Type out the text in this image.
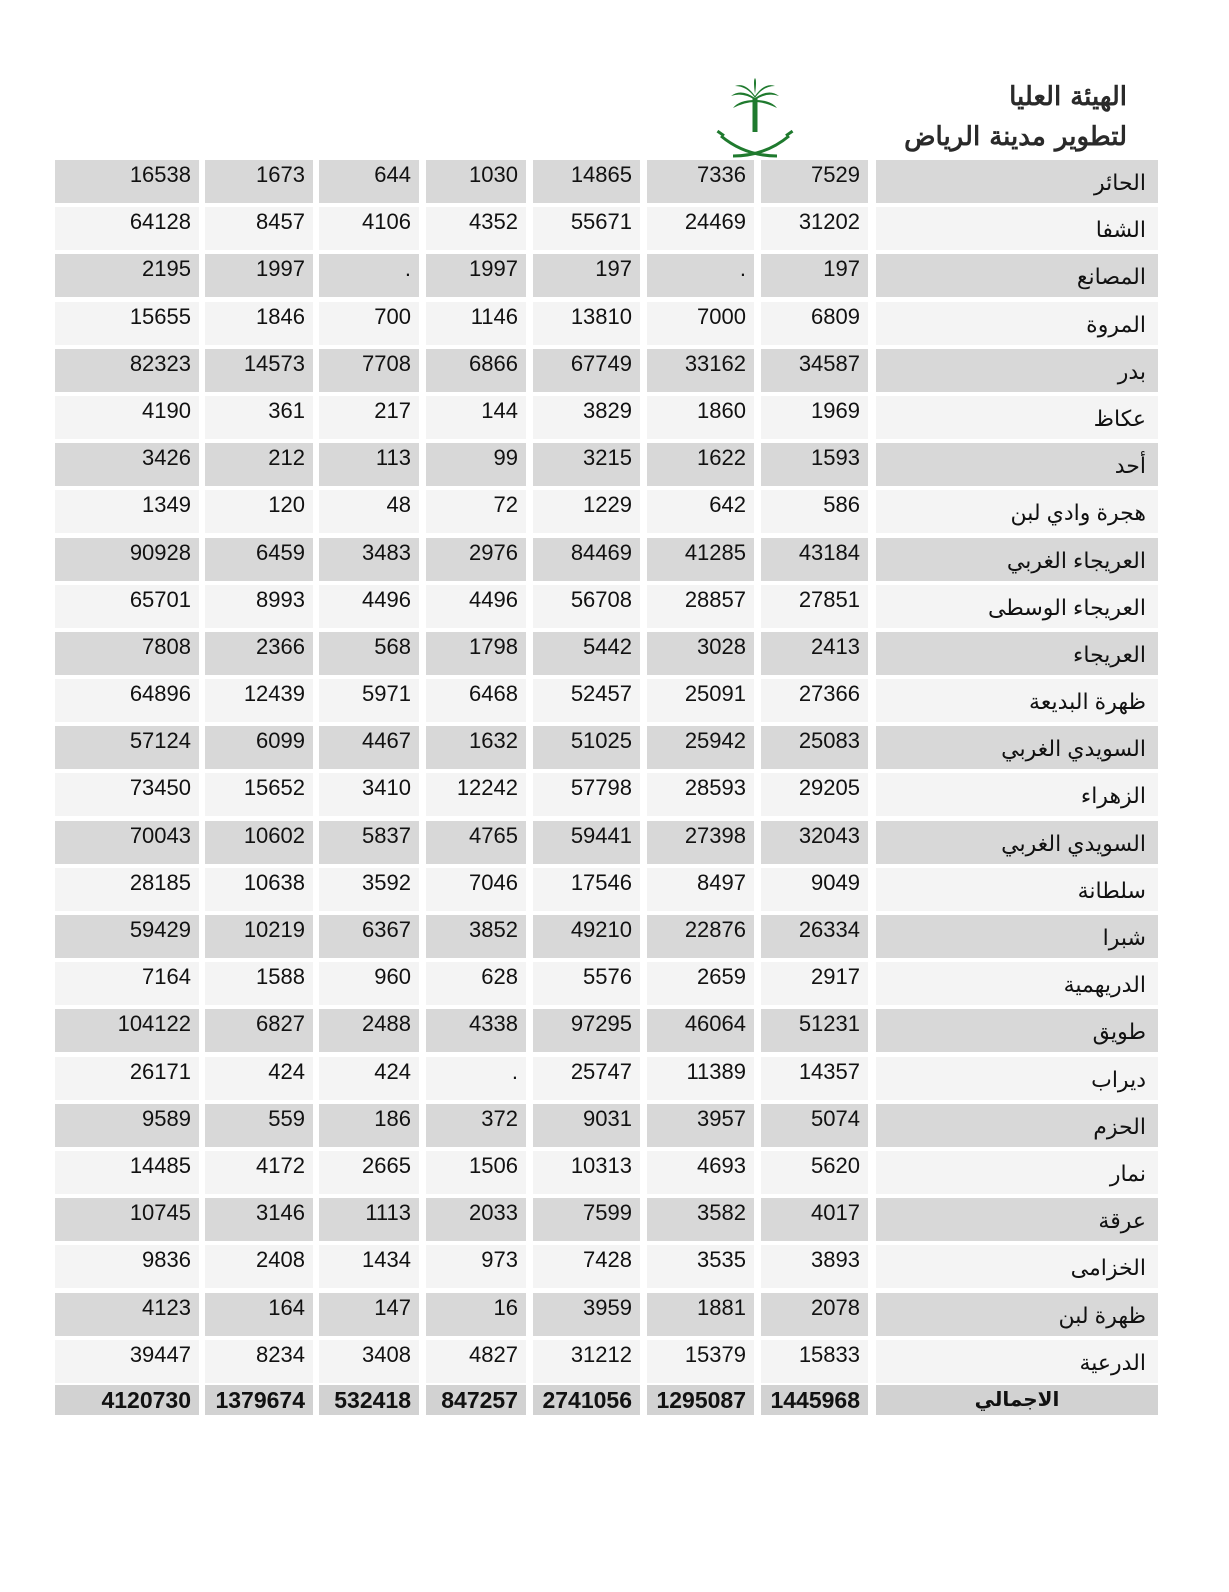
الهيئة العليا
لتطوير مدينة الرياض
16538	1673	644	1030	14865	7336	7529	الحائر
64128	8457	4106	4352	55671	24469	31202	الشفا
2195	1997	.	1997	197	.	197	المصانع
15655	1846	700	1146	13810	7000	6809	المروة
82323	14573	7708	6866	67749	33162	34587	بدر
4190	361	217	144	3829	1860	1969	عكاظ
3426	212	113	99	3215	1622	1593	أحد
1349	120	48	72	1229	642	586	هجرة وادي لبن
90928	6459	3483	2976	84469	41285	43184	العريجاء الغربي
65701	8993	4496	4496	56708	28857	27851	العريجاء الوسطى
7808	2366	568	1798	5442	3028	2413	العريجاء
64896	12439	5971	6468	52457	25091	27366	ظهرة البديعة
57124	6099	4467	1632	51025	25942	25083	السويدي الغربي
73450	15652	3410	12242	57798	28593	29205	الزهراء
70043	10602	5837	4765	59441	27398	32043	السويدي الغربي
28185	10638	3592	7046	17546	8497	9049	سلطانة
59429	10219	6367	3852	49210	22876	26334	شبرا
7164	1588	960	628	5576	2659	2917	الدريهمية
104122	6827	2488	4338	97295	46064	51231	طويق
26171	424	424	.	25747	11389	14357	ديراب
9589	559	186	372	9031	3957	5074	الحزم
14485	4172	2665	1506	10313	4693	5620	نمار
10745	3146	1113	2033	7599	3582	4017	عرقة
9836	2408	1434	973	7428	3535	3893	الخزامى
4123	164	147	16	3959	1881	2078	ظهرة لبن
39447	8234	3408	4827	31212	15379	15833	الدرعية
4120730	1379674	532418	847257	2741056	1295087	1445968	الاجمالي
